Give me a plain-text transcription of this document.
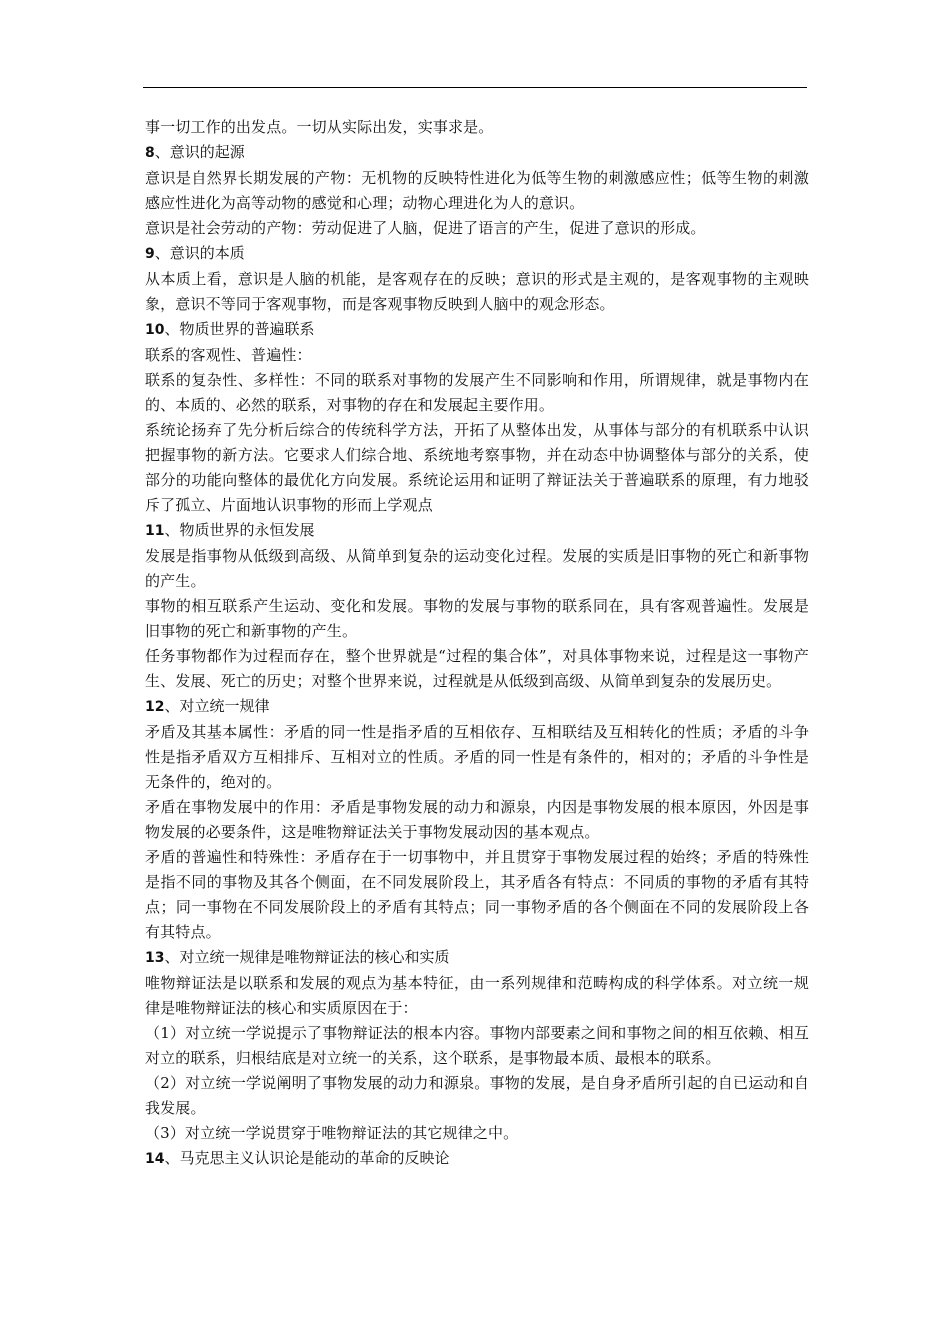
事一切工作的出发点。一切从实际出发，实事求是。

8、意识的起源

意识是自然界长期发展的产物：无机物的反映特性进化为低等生物的刺激感应性；低等生物的刺激感应性进化为高等动物的感觉和心理；动物心理进化为人的意识。

意识是社会劳动的产物：劳动促进了人脑，促进了语言的产生，促进了意识的形成。

9、意识的本质

从本质上看，意识是人脑的机能，是客观存在的反映；意识的形式是主观的，是客观事物的主观映象，意识不等同于客观事物，而是客观事物反映到人脑中的观念形态。

10、物质世界的普遍联系

联系的客观性、普遍性：

联系的复杂性、多样性：不同的联系对事物的发展产生不同影响和作用，所谓规律，就是事物内在的、本质的、必然的联系，对事物的存在和发展起主要作用。

系统论扬弃了先分析后综合的传统科学方法，开拓了从整体出发，从事体与部分的有机联系中认识把握事物的新方法。它要求人们综合地、系统地考察事物，并在动态中协调整体与部分的关系，使部分的功能向整体的最优化方向发展。系统论运用和证明了辩证法关于普遍联系的原理，有力地驳斥了孤立、片面地认识事物的形而上学观点

11、物质世界的永恒发展

发展是指事物从低级到高级、从简单到复杂的运动变化过程。发展的实质是旧事物的死亡和新事物的产生。

事物的相互联系产生运动、变化和发展。事物的发展与事物的联系同在，具有客观普遍性。发展是旧事物的死亡和新事物的产生。

任务事物都作为过程而存在，整个世界就是“过程的集合体”，对具体事物来说，过程是这一事物产生、发展、死亡的历史；对整个世界来说，过程就是从低级到高级、从简单到复杂的发展历史。

12、对立统一规律

矛盾及其基本属性：矛盾的同一性是指矛盾的互相依存、互相联结及互相转化的性质；矛盾的斗争性是指矛盾双方互相排斥、互相对立的性质。矛盾的同一性是有条件的，相对的；矛盾的斗争性是无条件的，绝对的。

矛盾在事物发展中的作用：矛盾是事物发展的动力和源泉，内因是事物发展的根本原因，外因是事物发展的必要条件，这是唯物辩证法关于事物发展动因的基本观点。

矛盾的普遍性和特殊性：矛盾存在于一切事物中，并且贯穿于事物发展过程的始终；矛盾的特殊性是指不同的事物及其各个侧面，在不同发展阶段上，其矛盾各有特点：不同质的事物的矛盾有其特点；同一事物在不同发展阶段上的矛盾有其特点；同一事物矛盾的各个侧面在不同的发展阶段上各有其特点。

13、对立统一规律是唯物辩证法的核心和实质

唯物辩证法是以联系和发展的观点为基本特征，由一系列规律和范畴构成的科学体系。对立统一规律是唯物辩证法的核心和实质原因在于：

（1）对立统一学说提示了事物辩证法的根本内容。事物内部要素之间和事物之间的相互依赖、相互对立的联系，归根结底是对立统一的关系，这个联系，是事物最本质、最根本的联系。

（2）对立统一学说阐明了事物发展的动力和源泉。事物的发展，是自身矛盾所引起的自已运动和自我发展。

（3）对立统一学说贯穿于唯物辩证法的其它规律之中。

14、马克思主义认识论是能动的革命的反映论
